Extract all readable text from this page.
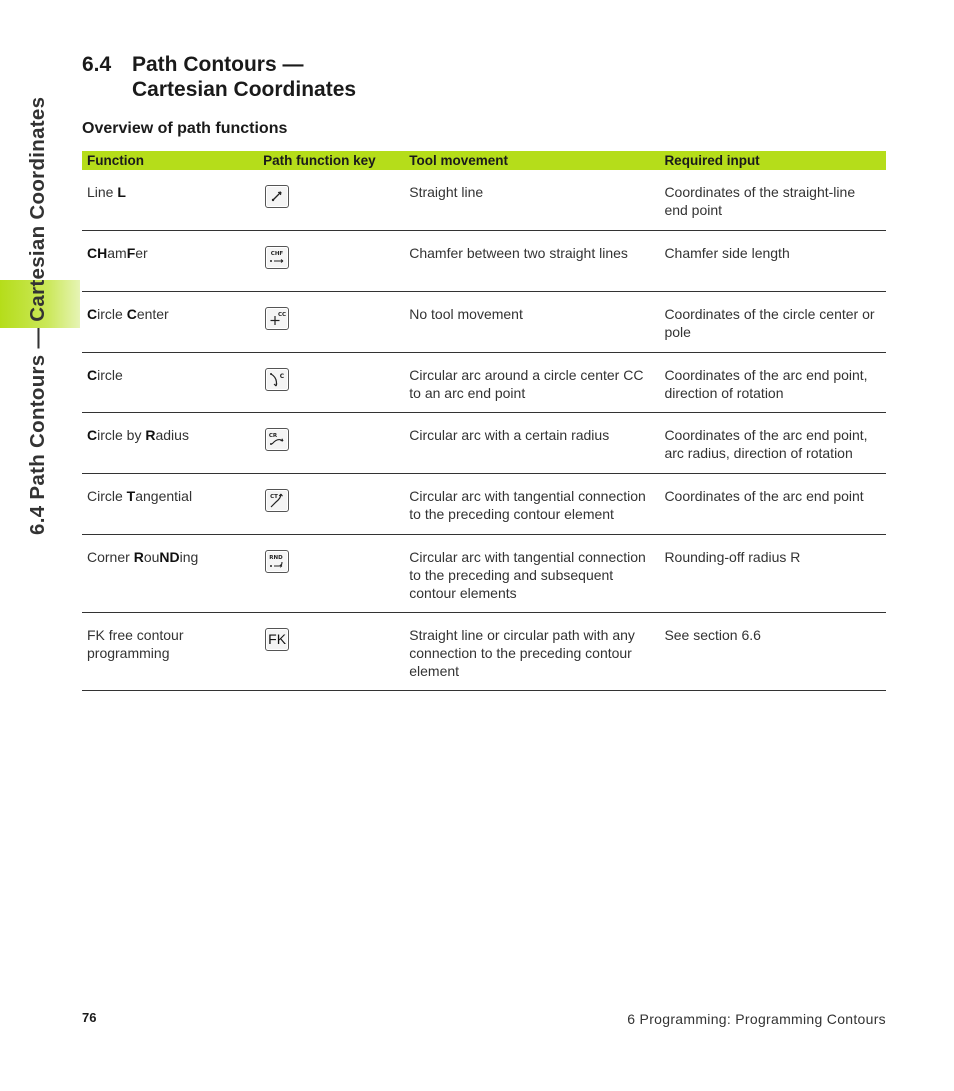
6.4 Path Contours — Cartesian Coordinates
6.4 Path Contours —
Cartesian Coordinates
Overview of path functions
Function	Path function key	Tool movement	Required input
Line L		Straight line	Coordinates of the straight-line end point
CHamFer	CHF	Chamfer between two straight lines	Chamfer side length
Circle Center	CC	No tool movement	Coordinates of the circle center or pole
Circle	C	Circular arc around a circle center CC to an arc end point	Coordinates of the arc end point, direction of rotation
Circle by Radius	CR	Circular arc with a certain radius	Coordinates of the arc end point, arc radius, direction of rotation
Circle Tangential	CT	Circular arc with tangential connection to the preceding contour element	Coordinates of the arc end point
Corner RouNDing	RND	Circular arc with tangential connection to the preceding and subsequent contour elements	Rounding-off radius R
FK free contour programming	FK	Straight line or circular path with any connection to the preceding contour element	See section 6.6
76	6 Programming: Programming Contours
